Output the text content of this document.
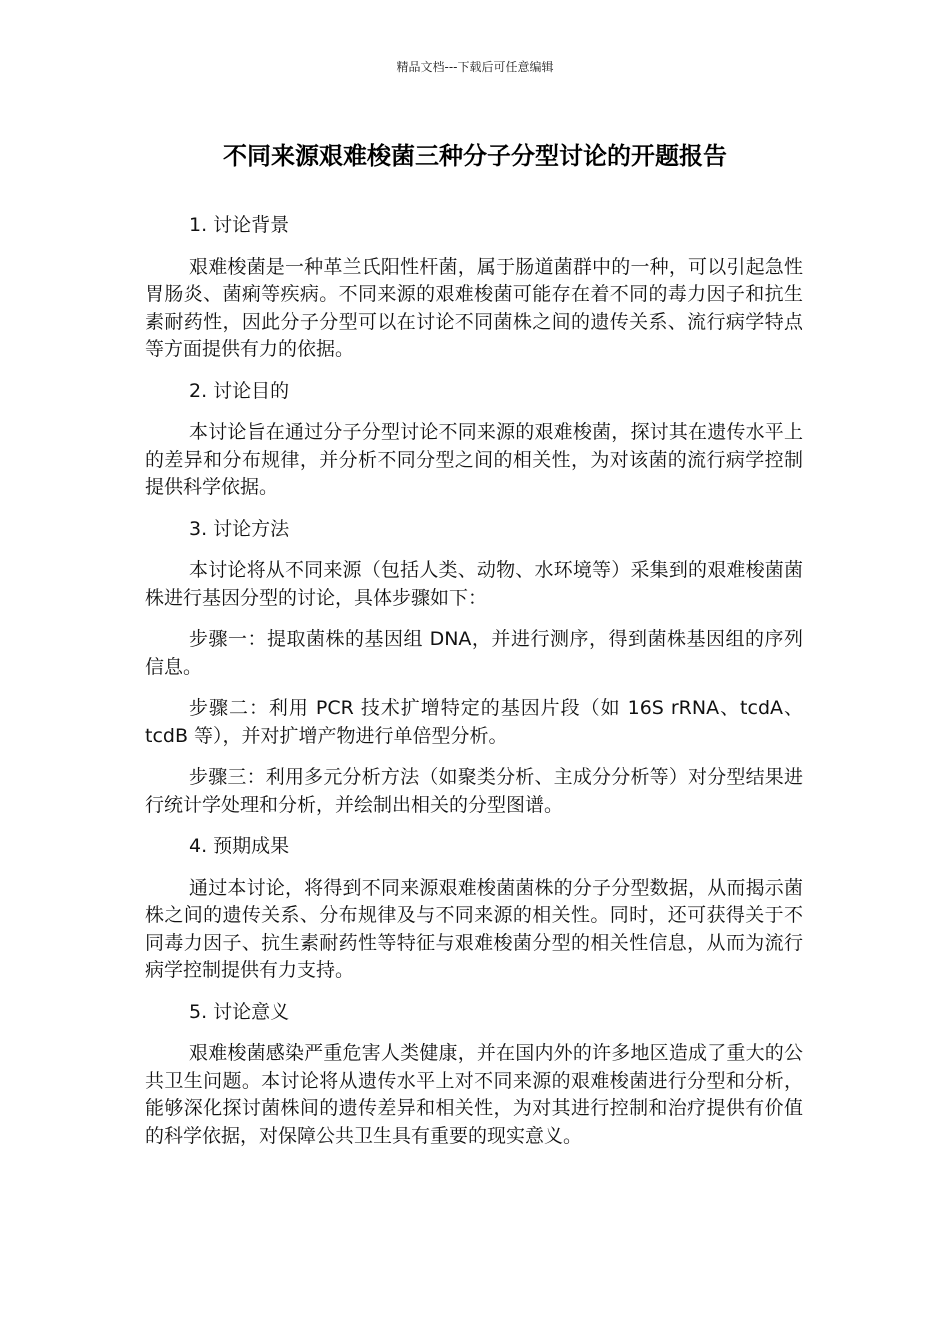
精品文档---下载后可任意编辑
不同来源艰难梭菌三种分子分型讨论的开题报告

1. 讨论背景

艰难梭菌是一种革兰氏阳性杆菌，属于肠道菌群中的一种，可以引起急性胃肠炎、菌痢等疾病。不同来源的艰难梭菌可能存在着不同的毒力因子和抗生素耐药性，因此分子分型可以在讨论不同菌株之间的遗传关系、流行病学特点等方面提供有力的依据。

2. 讨论目的

本讨论旨在通过分子分型讨论不同来源的艰难梭菌，探讨其在遗传水平上的差异和分布规律，并分析不同分型之间的相关性，为对该菌的流行病学控制提供科学依据。

3. 讨论方法

本讨论将从不同来源（包括人类、动物、水环境等）采集到的艰难梭菌菌株进行基因分型的讨论，具体步骤如下：

步骤一：提取菌株的基因组 DNA，并进行测序，得到菌株基因组的序列信息。

步骤二：利用 PCR 技术扩增特定的基因片段（如 16S rRNA、tcdA、tcdB 等），并对扩增产物进行单倍型分析。

步骤三：利用多元分析方法（如聚类分析、主成分分析等）对分型结果进行统计学处理和分析，并绘制出相关的分型图谱。

4. 预期成果

通过本讨论，将得到不同来源艰难梭菌菌株的分子分型数据，从而揭示菌株之间的遗传关系、分布规律及与不同来源的相关性。同时，还可获得关于不同毒力因子、抗生素耐药性等特征与艰难梭菌分型的相关性信息，从而为流行病学控制提供有力支持。

5. 讨论意义

艰难梭菌感染严重危害人类健康，并在国内外的许多地区造成了重大的公共卫生问题。本讨论将从遗传水平上对不同来源的艰难梭菌进行分型和分析，能够深化探讨菌株间的遗传差异和相关性，为对其进行控制和治疗提供有价值的科学依据，对保障公共卫生具有重要的现实意义。
